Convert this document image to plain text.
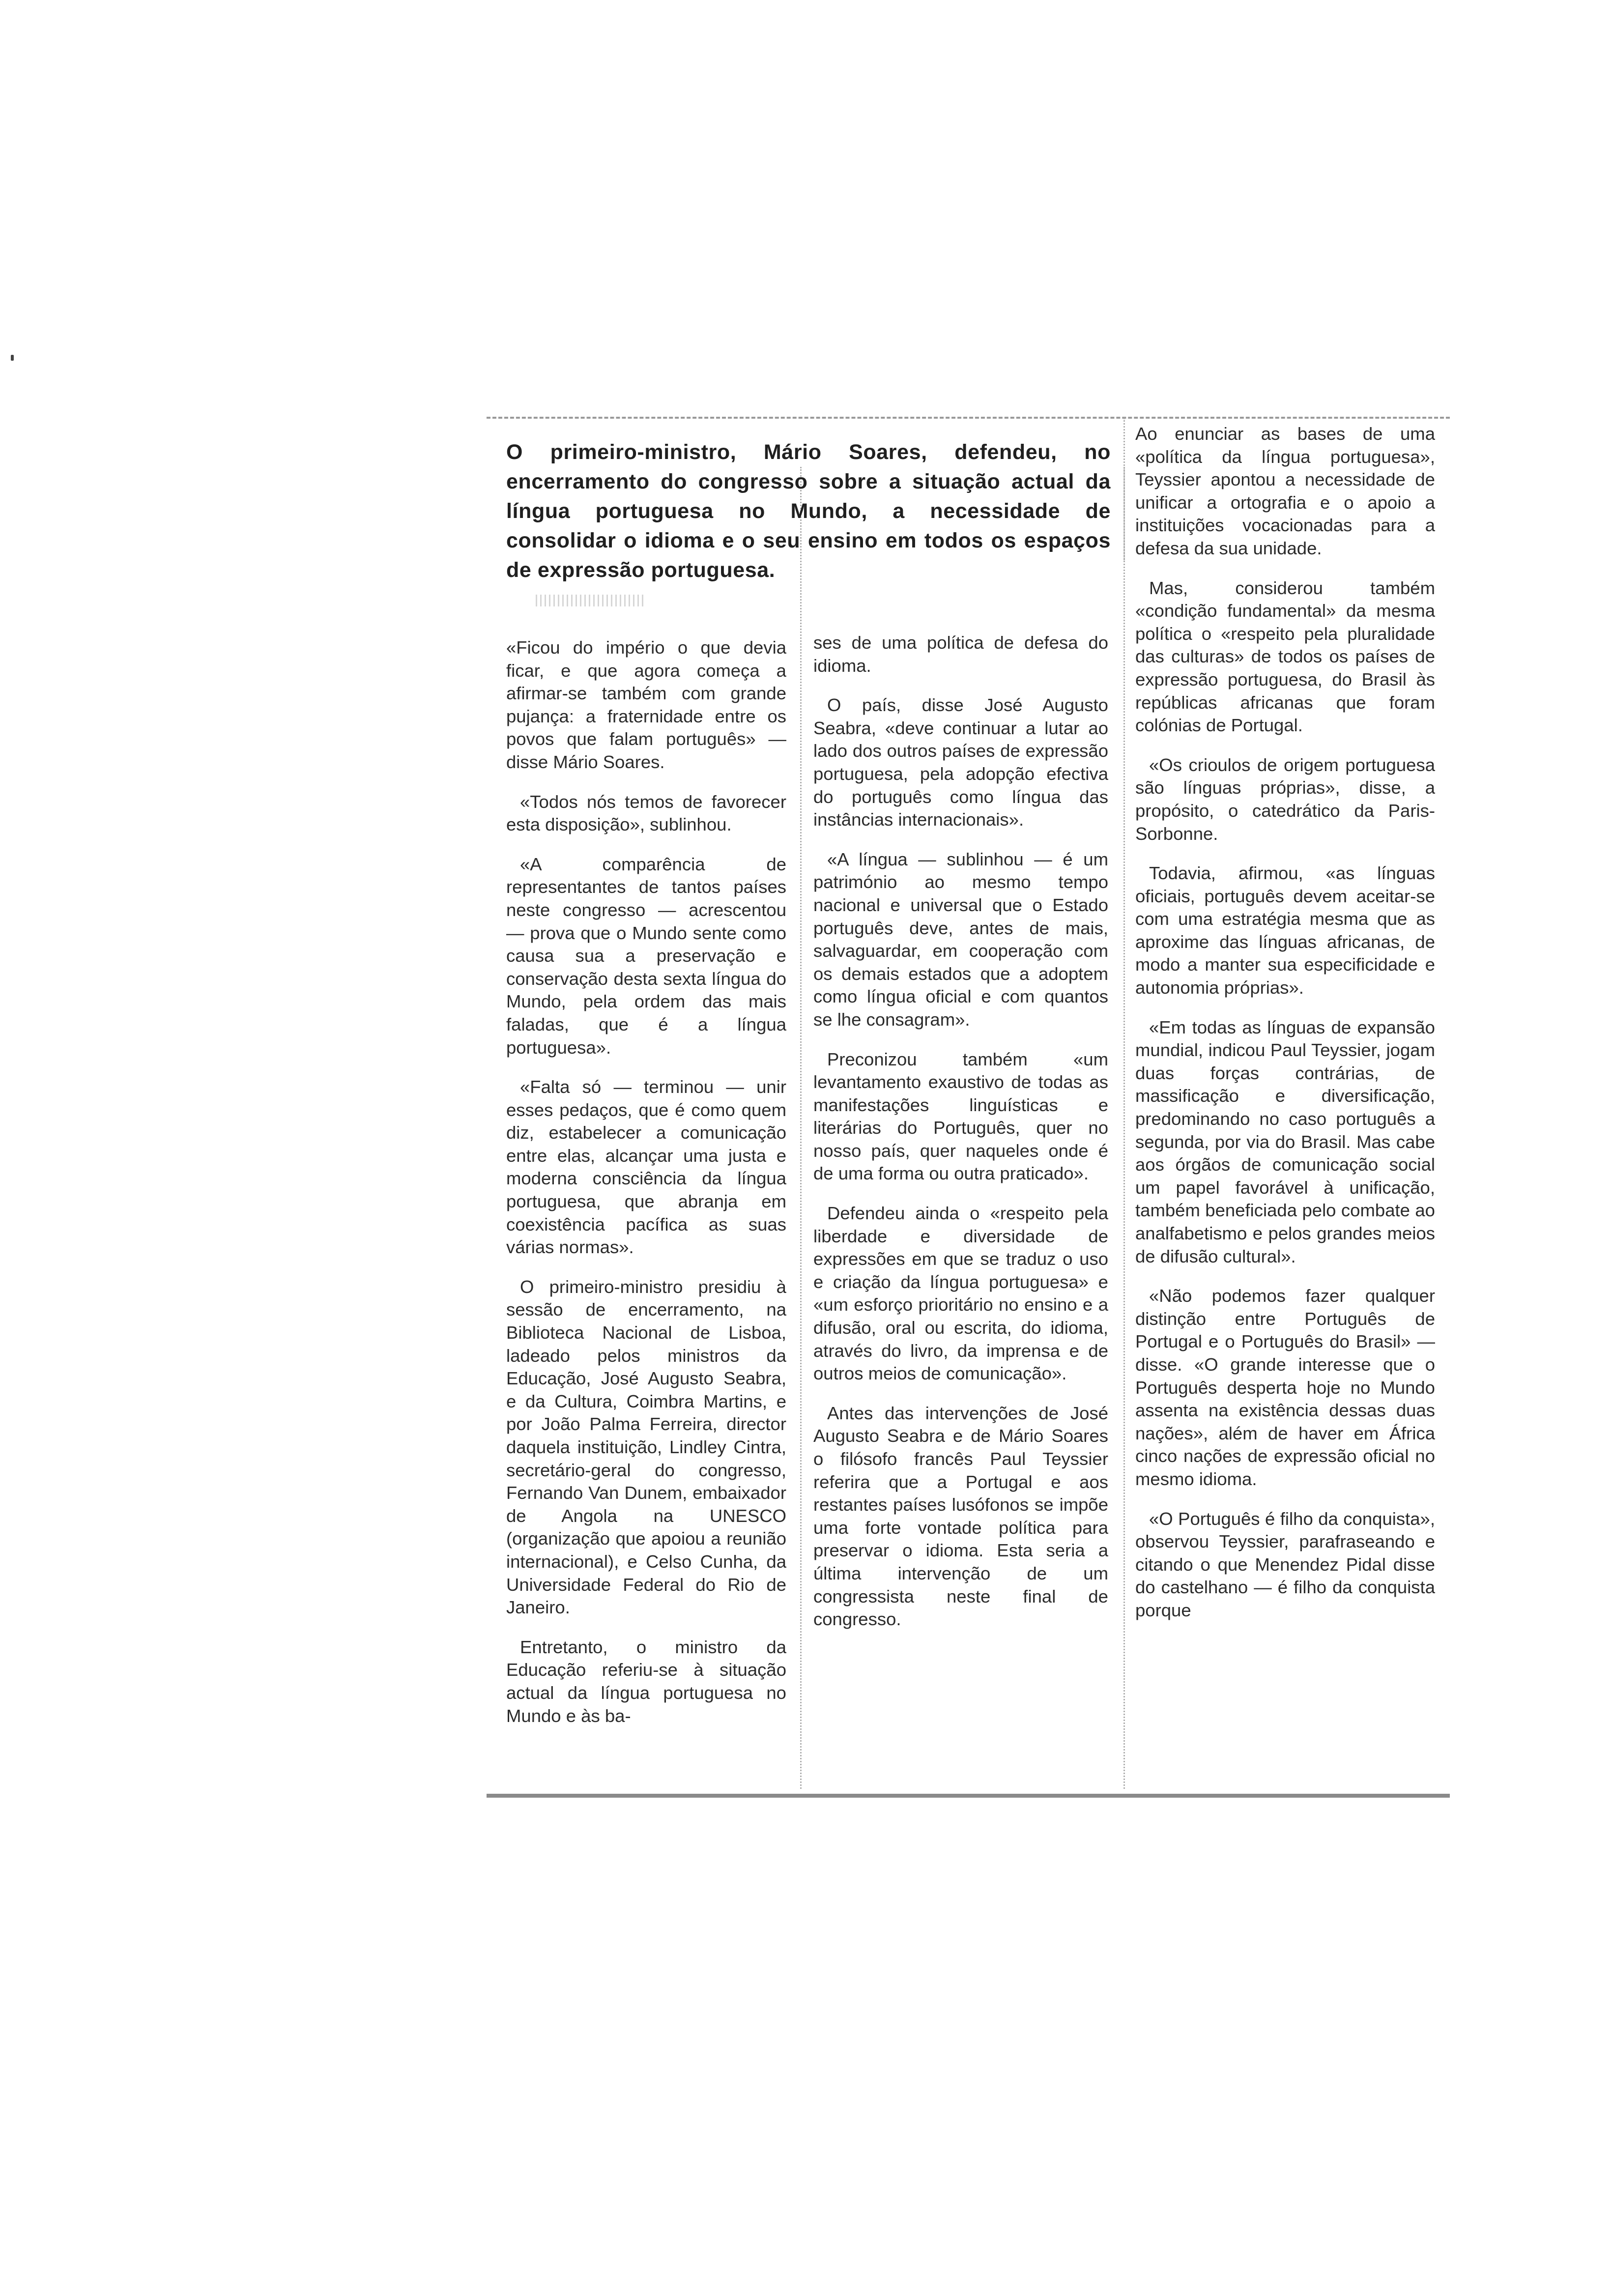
O primeiro-ministro, Mário Soares, defendeu, no encerramento do congresso sobre a situação actual da língua portuguesa no Mundo, a necessidade de consolidar o idioma e o seu ensino em todos os espaços de expressão portuguesa.

«Ficou do império o que devia ficar, e que agora começa a afirmar-se também com grande pujança: a fraternidade entre os povos que falam português» — disse Mário Soares.

«Todos nós temos de favorecer esta disposição», sublinhou.

«A comparência de representantes de tantos países neste congresso — acrescentou — prova que o Mundo sente como causa sua a preservação e conservação desta sexta língua do Mundo, pela ordem das mais faladas, que é a língua portuguesa».

«Falta só — terminou — unir esses pedaços, que é como quem diz, estabelecer a comunicação entre elas, alcançar uma justa e moderna consciência da língua portuguesa, que abranja em coexistência pacífica as suas várias normas».

O primeiro-ministro presidiu à sessão de encerramento, na Biblioteca Nacional de Lisboa, ladeado pelos ministros da Educação, José Augusto Seabra, e da Cultura, Coimbra Martins, e por João Palma Ferreira, director daquela instituição, Lindley Cintra, secretário-geral do congresso, Fernando Van Dunem, embaixador de Angola na UNESCO (organização que apoiou a reunião internacional), e Celso Cunha, da Universidade Federal do Rio de Janeiro.

Entretanto, o ministro da Educação referiu-se à situação actual da língua portuguesa no Mundo e às ba-

ses de uma política de defesa do idioma.

O país, disse José Augusto Seabra, «deve continuar a lutar ao lado dos outros países de expressão portuguesa, pela adopção efectiva do português como língua das instâncias internacionais».

«A língua — sublinhou — é um património ao mesmo tempo nacional e universal que o Estado português deve, antes de mais, salvaguardar, em cooperação com os demais estados que a adoptem como língua oficial e com quantos se lhe consagram».

Preconizou também «um levantamento exaustivo de todas as manifestações linguísticas e literárias do Português, quer no nosso país, quer naqueles onde é de uma forma ou outra praticado».

Defendeu ainda o «respeito pela liberdade e diversidade de expressões em que se traduz o uso e criação da língua portuguesa» e «um esforço prioritário no ensino e a difusão, oral ou escrita, do idioma, através do livro, da imprensa e de outros meios de comunicação».

Antes das intervenções de José Augusto Seabra e de Mário Soares o filósofo francês Paul Teyssier referira que a Portugal e aos restantes países lusófonos se impõe uma forte vontade política para preservar o idioma. Esta seria a última intervenção de um congressista neste final de congresso.

Ao enunciar as bases de uma «política da língua portuguesa», Teyssier apontou a necessidade de unificar a ortografia e o apoio a instituições vocacionadas para a defesa da sua unidade.

Mas, considerou também «condição fundamental» da mesma política o «respeito pela pluralidade das culturas» de todos os países de expressão portuguesa, do Brasil às repúblicas africanas que foram colónias de Portugal.

«Os crioulos de origem portuguesa são línguas próprias», disse, a propósito, o catedrático da Paris-Sorbonne.

Todavia, afirmou, «as línguas oficiais, português devem aceitar-se com uma estratégia mesma que as aproxime das línguas africanas, de modo a manter sua especificidade e autonomia próprias».

«Em todas as línguas de expansão mundial, indicou Paul Teyssier, jogam duas forças contrárias, de massificação e diversificação, predominando no caso português a segunda, por via do Brasil. Mas cabe aos órgãos de comunicação social um papel favorável à unificação, também beneficiada pelo combate ao analfabetismo e pelos grandes meios de difusão cultural».

«Não podemos fazer qualquer distinção entre Português de Portugal e o Português do Brasil» — disse. «O grande interesse que o Português desperta hoje no Mundo assenta na existência dessas duas nações», além de haver em África cinco nações de expressão oficial no mesmo idioma.

«O Português é filho da conquista», observou Teyssier, parafraseando e citando o que Menendez Pidal disse do castelhano — é filho da conquista porque
